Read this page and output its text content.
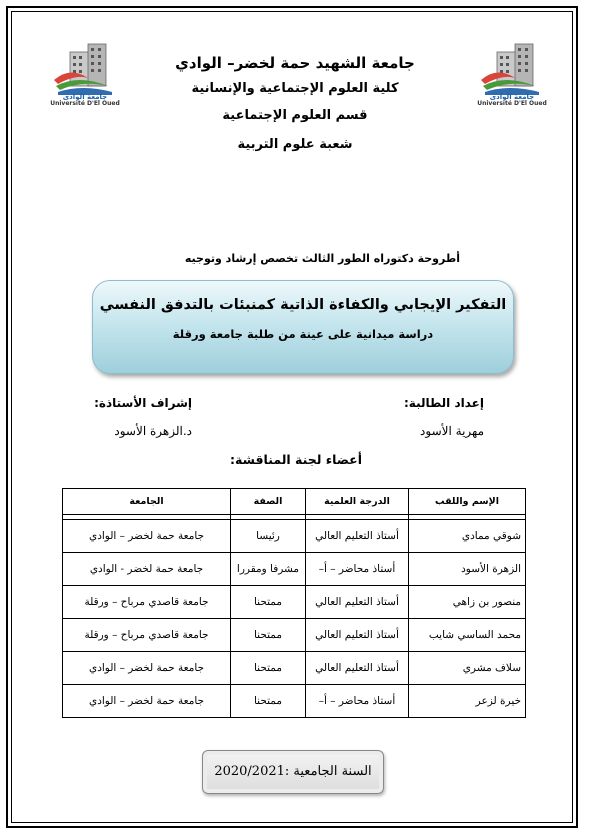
جامعة الوادي
Université D'El Oued
جامعة الوادي
Université D'El Oued
جامعة الشهيد حمة لخضر– الوادي
كلية العلوم الإجتماعية والإنسانية
قسم العلوم الإجتماعية
شعبة علوم التربية
أطروحة دكتوراه الطور الثالث تخصص إرشاد وتوجيه
التفكير الإيجابي والكفاءة الذاتية كمنبئات بالتدفق النفسي
دراسة ميدانية على عينة من طلبة جامعة ورقلة
إعداد الطالبة:
مهرية الأسود
إشراف الأستاذة:
د.الزهرة الأسود
أعضاء لجنة المناقشة:
الإسم واللقب	الدرجة العلمية	الصفة	الجامعة

شوقي ممادي	أستاذ التعليم العالي	رئيسا	جامعة حمة لخضر – الوادي
الزهرة الأسود	أستاذ محاضر – أ–	مشرفا ومقررا	جامعة حمة لخضر - الوادي
منصور بن زاهي	أستاذ التعليم العالي	ممتحنا	جامعة قاصدي مرباح – ورقلة
محمد الساسي شايب	أستاذ التعليم العالي	ممتحنا	جامعة قاصدي مرباح – ورقلة
سلاف مشري	أستاذ التعليم العالي	ممتحنا	جامعة حمة لخضر – الوادي
خيرة لزعر	أستاذ محاضر – أ–	ممتحنا	جامعة حمة لخضر – الوادي
السنة الجامعية :2020/2021
